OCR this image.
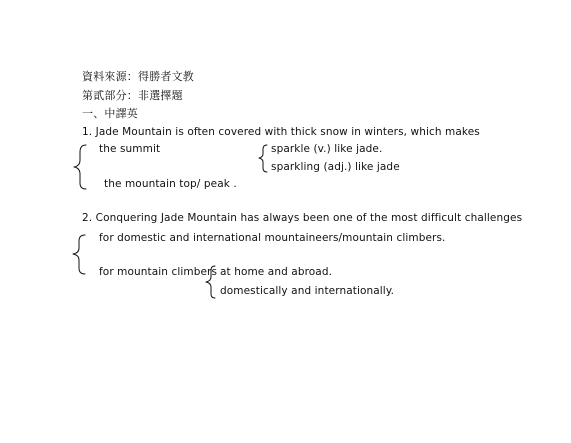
資料來源：得勝者文教
第貳部分：非選擇題
一、中譯英
1. Jade Mountain is often covered with thick snow in winters, which makes
the summit
the mountain top/ peak .
sparkle (v.) like jade.
sparkling (adj.) like jade
2. Conquering Jade Mountain has always been one of the most difficult challenges
for domestic and international mountaineers/mountain climbers.
for mountain climbers at home and abroad.
domestically and internationally.
